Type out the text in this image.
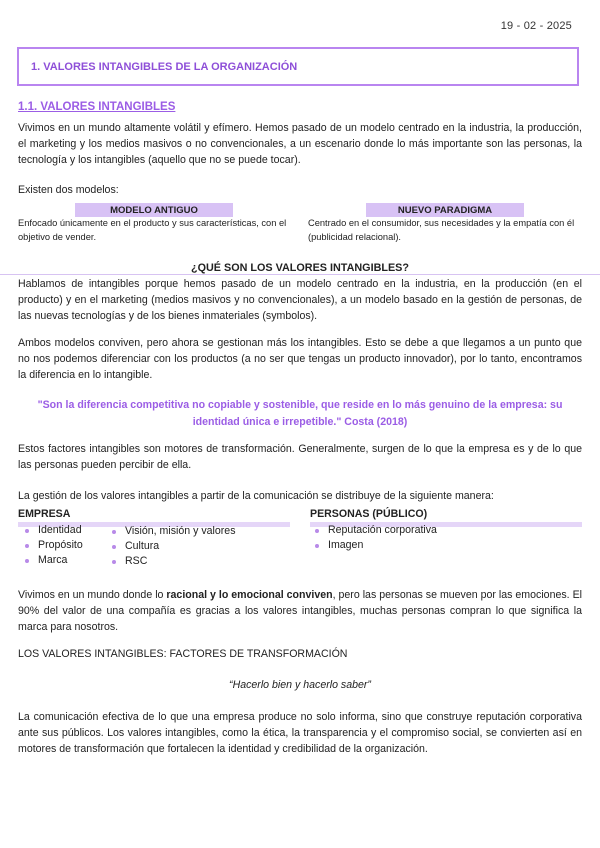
19 - 02 - 2025
1. VALORES INTANGIBLES DE LA ORGANIZACIÓN
1.1. VALORES INTANGIBLES
Vivimos en un mundo altamente volátil y efímero. Hemos pasado de un modelo centrado en la industria, la producción, el marketing y los medios masivos o no convencionales, a un escenario donde lo más importante son las personas, la tecnología y los intangibles (aquello que no se puede tocar).
Existen dos modelos:
MODELO ANTIGUO
Enfocado únicamente en el producto y sus características, con el objetivo de vender.
NUEVO PARADIGMA
Centrado en el consumidor, sus necesidades y la empatía con él (publicidad relacional).
¿QUÉ SON LOS VALORES INTANGIBLES?
Hablamos de intangibles porque hemos pasado de un modelo centrado en la industria, en la producción (en el producto) y en el marketing (medios masivos y no convencionales), a un modelo basado en la gestión de personas, de las nuevas tecnologías y de los bienes inmateriales (symbolos).
Ambos modelos conviven, pero ahora se gestionan más los intangibles. Esto se debe a que llegamos a un punto que no nos podemos diferenciar con los productos (a no ser que tengas un producto innovador), por lo tanto, encontramos la diferencia en lo intangible.
"Son la diferencia competitiva no copiable y sostenible, que reside en lo más genuino de la empresa: su identidad única e irrepetible." Costa (2018)
Estos factores intangibles son motores de transformación. Generalmente, surgen de lo que la empresa es y de lo que las personas pueden percibir de ella.
La gestión de los valores intangibles a partir de la comunicación se distribuye de la siguiente manera:
EMPRESA
Identidad
Propósito
Marca
Visión, misión y valores
Cultura
RSC
PERSONAS (PÚBLICO)
Reputación corporativa
Imagen
Vivimos en un mundo donde lo racional y lo emocional conviven, pero las personas se mueven por las emociones. El 90% del valor de una compañía es gracias a los valores intangibles, muchas personas compran lo que significa la marca para nosotros.
LOS VALORES INTANGIBLES: FACTORES DE TRANSFORMACIÓN
“Hacerlo bien y hacerlo saber”
La comunicación efectiva de lo que una empresa produce no solo informa, sino que construye reputación corporativa ante sus públicos. Los valores intangibles, como la ética, la transparencia y el compromiso social, se convierten así en motores de transformación que fortalecen la identidad y credibilidad de la organización.
